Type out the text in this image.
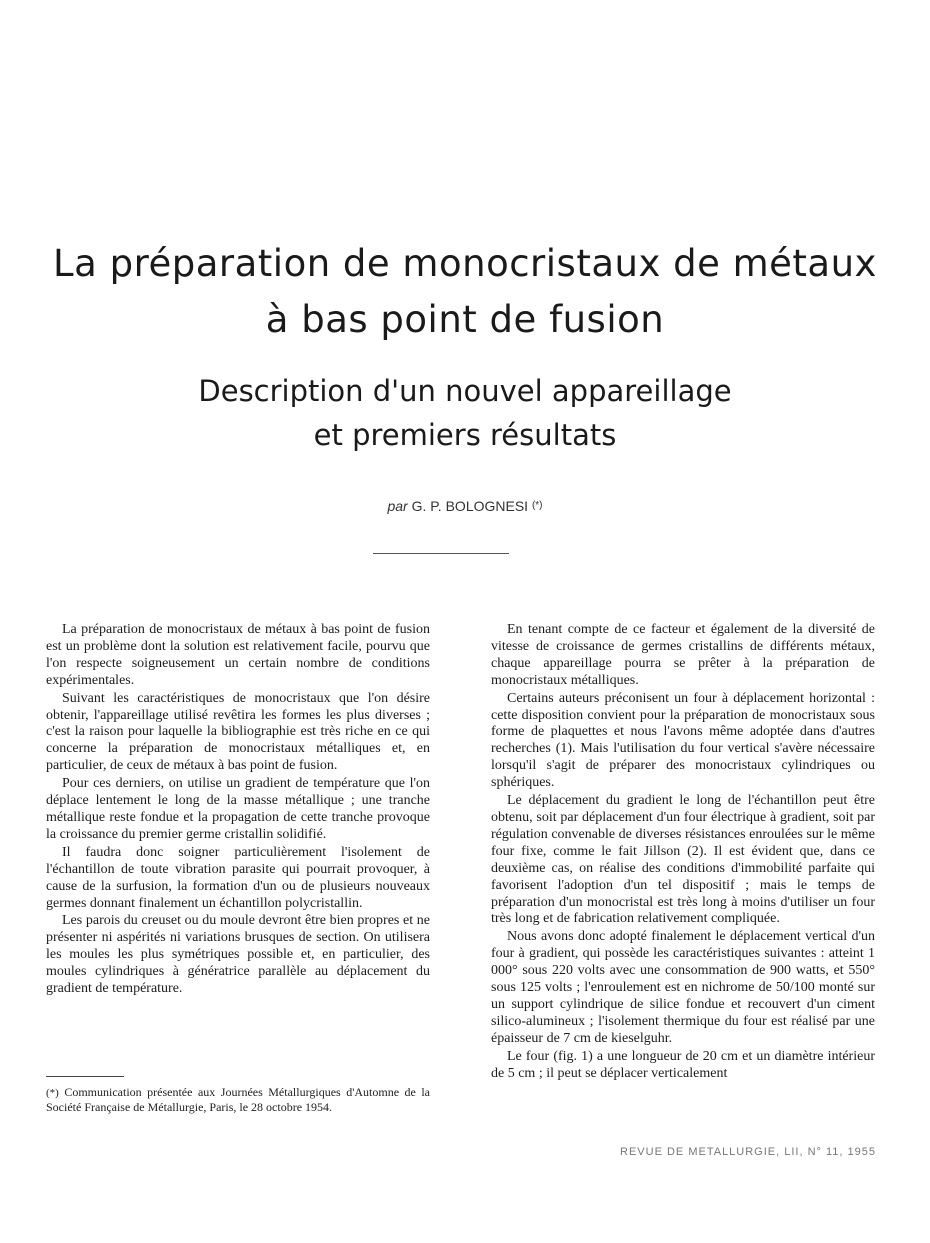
La préparation de monocristaux de métaux
à bas point de fusion
Description d'un nouvel appareillage
et premiers résultats
par G. P. BOLOGNESI (*)

La préparation de monocristaux de métaux à bas point de fusion est un problème dont la solution est relativement facile, pourvu que l'on respecte soigneusement un certain nombre de conditions expérimentales.

Suivant les caractéristiques de monocristaux que l'on désire obtenir, l'appareillage utilisé revêtira les formes les plus diverses ; c'est la raison pour laquelle la bibliographie est très riche en ce qui concerne la préparation de monocristaux métalliques et, en particulier, de ceux de métaux à bas point de fusion.

Pour ces derniers, on utilise un gradient de température que l'on déplace lentement le long de la masse métallique ; une tranche métallique reste fondue et la propagation de cette tranche provoque la croissance du premier germe cristallin solidifié.

Il faudra donc soigner particulièrement l'isolement de l'échantillon de toute vibration parasite qui pourrait provoquer, à cause de la surfusion, la formation d'un ou de plusieurs nouveaux germes donnant finalement un échantillon polycristallin.

Les parois du creuset ou du moule devront être bien propres et ne présenter ni aspérités ni variations brusques de section. On utilisera les moules les plus symétriques possible et, en particulier, des moules cylindriques à génératrice parallèle au déplacement du gradient de température.

(*) Communication présentée aux Journées Métallurgiques d'Automne de la Société Française de Métallurgie, Paris, le 28 octobre 1954.

En tenant compte de ce facteur et également de la diversité de vitesse de croissance de germes cristallins de différents métaux, chaque appareillage pourra se prêter à la préparation de monocristaux métalliques.

Certains auteurs préconisent un four à déplacement horizontal : cette disposition convient pour la préparation de monocristaux sous forme de plaquettes et nous l'avons même adoptée dans d'autres recherches (1). Mais l'utilisation du four vertical s'avère nécessaire lorsqu'il s'agit de préparer des monocristaux cylindriques ou sphériques.

Le déplacement du gradient le long de l'échantillon peut être obtenu, soit par déplacement d'un four électrique à gradient, soit par régulation convenable de diverses résistances enroulées sur le même four fixe, comme le fait Jillson (2). Il est évident que, dans ce deuxième cas, on réalise des conditions d'immobilité parfaite qui favorisent l'adoption d'un tel dispositif ; mais le temps de préparation d'un monocristal est très long à moins d'utiliser un four très long et de fabrication relativement compliquée.

Nous avons donc adopté finalement le déplacement vertical d'un four à gradient, qui possède les caractéristiques suivantes : atteint 1 000° sous 220 volts avec une consommation de 900 watts, et 550° sous 125 volts ; l'enroulement est en nichrome de 50/100 monté sur un support cylindrique de silice fondue et recouvert d'un ciment silico-alumineux ; l'isolement thermique du four est réalisé par une épaisseur de 7 cm de kieselguhr.

Le four (fig. 1) a une longueur de 20 cm et un diamètre intérieur de 5 cm ; il peut se déplacer verticalement

REVUE DE METALLURGIE, LII, N° 11, 1955
